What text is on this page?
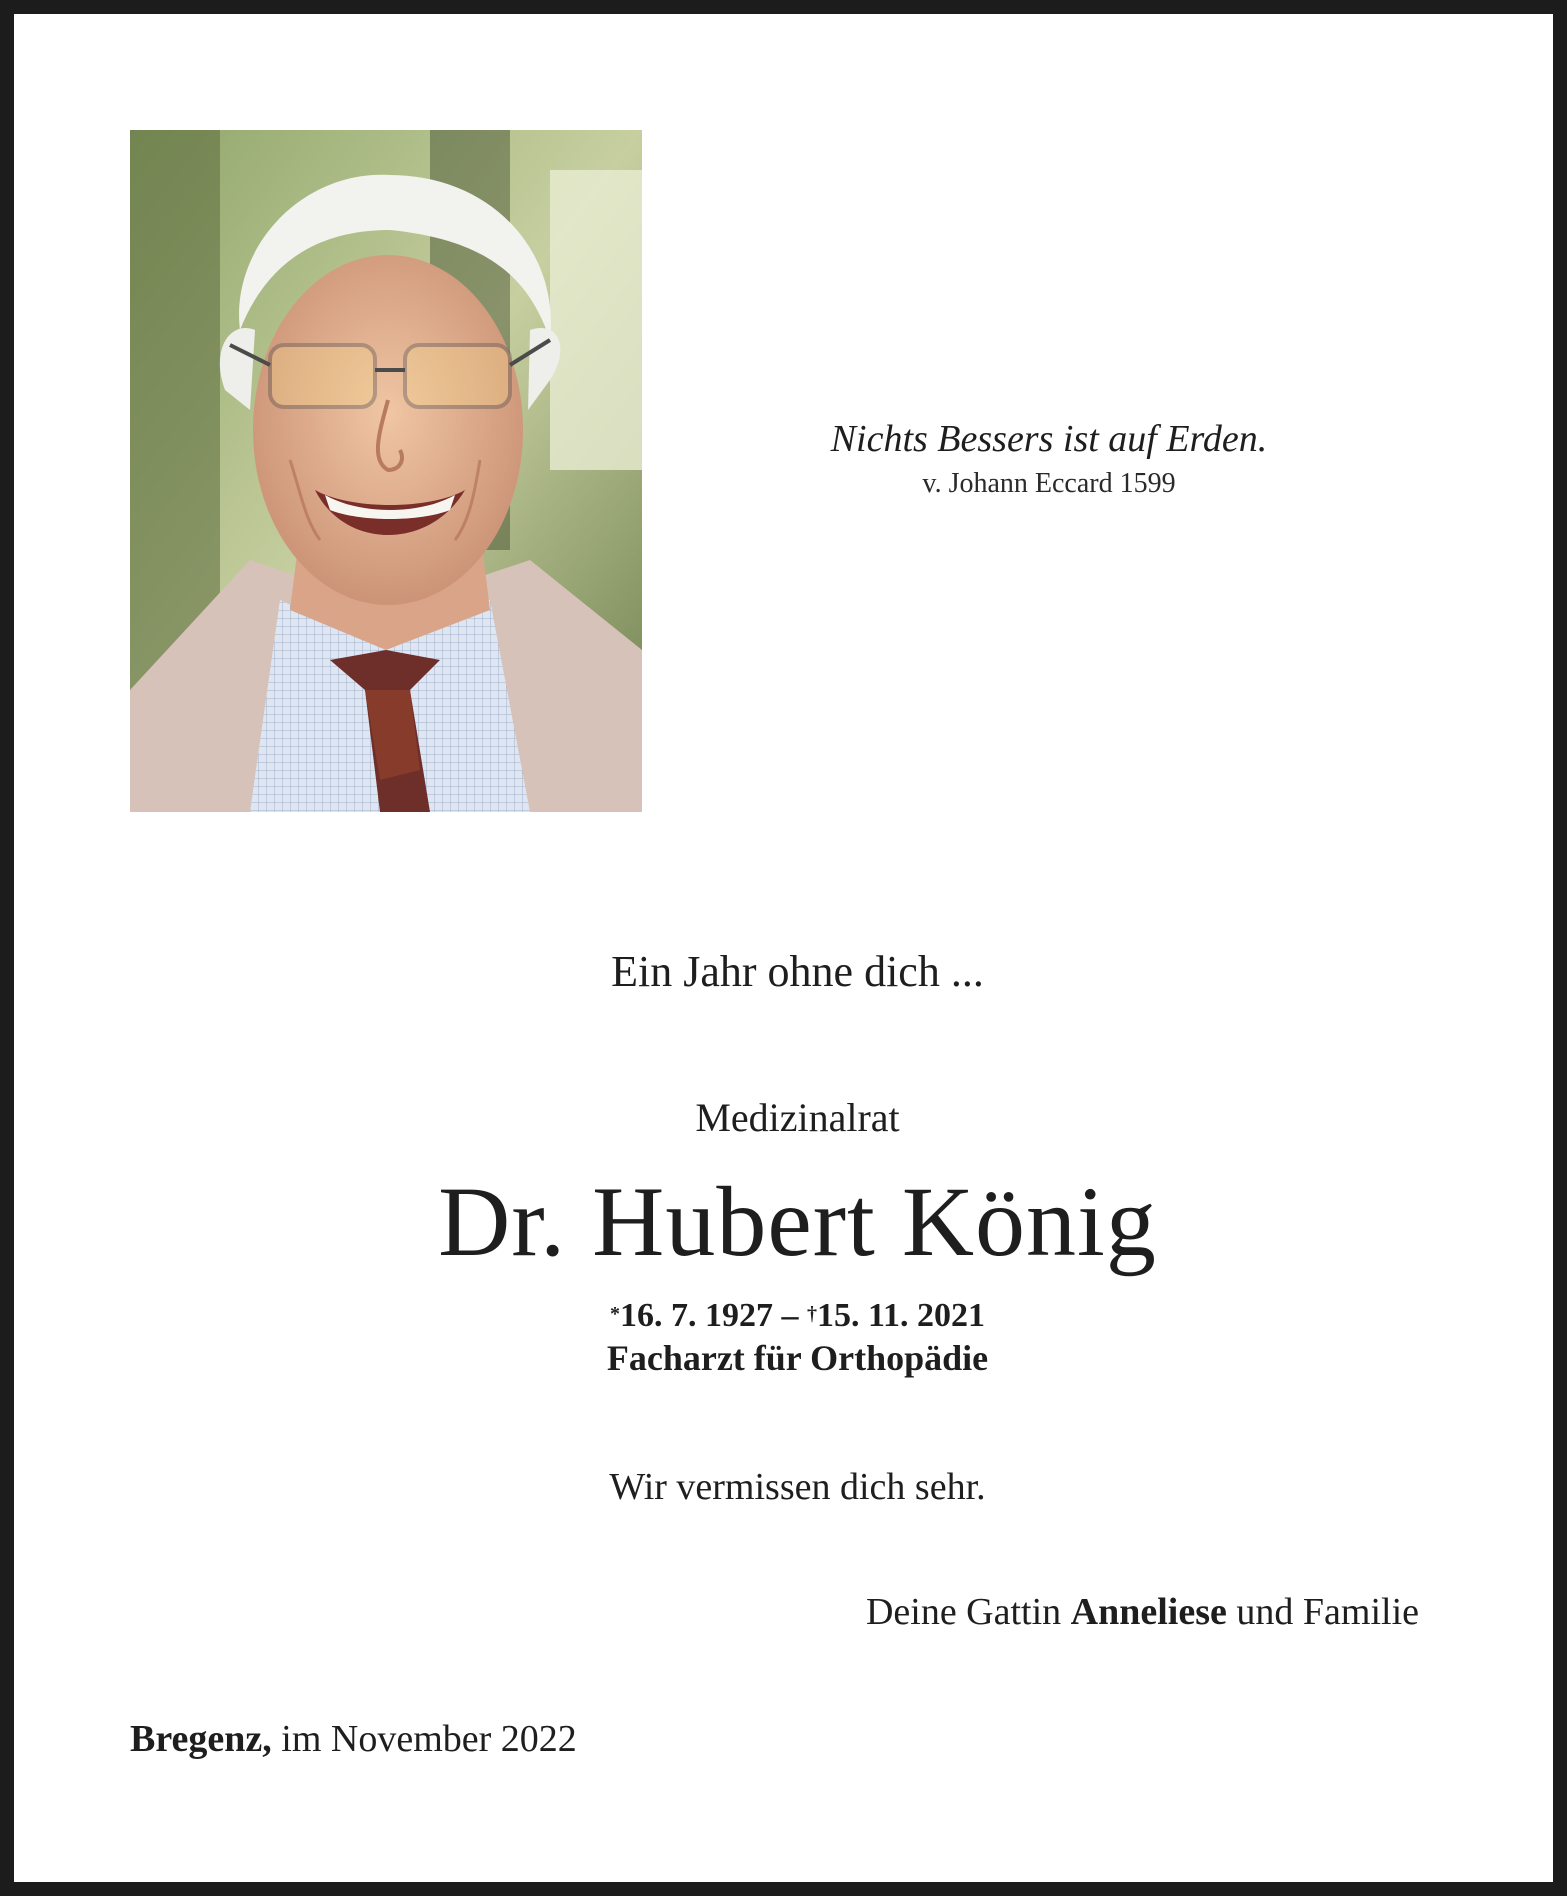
Nichts Bessers ist auf Erden.
v. Johann Eccard 1599
Ein Jahr ohne dich ...
Medizinalrat
Dr. Hubert König
*16. 7. 1927 – †15. 11. 2021
Facharzt für Orthopädie
Wir vermissen dich sehr.
Deine Gattin Anneliese und Familie
Bregenz, im November 2022
